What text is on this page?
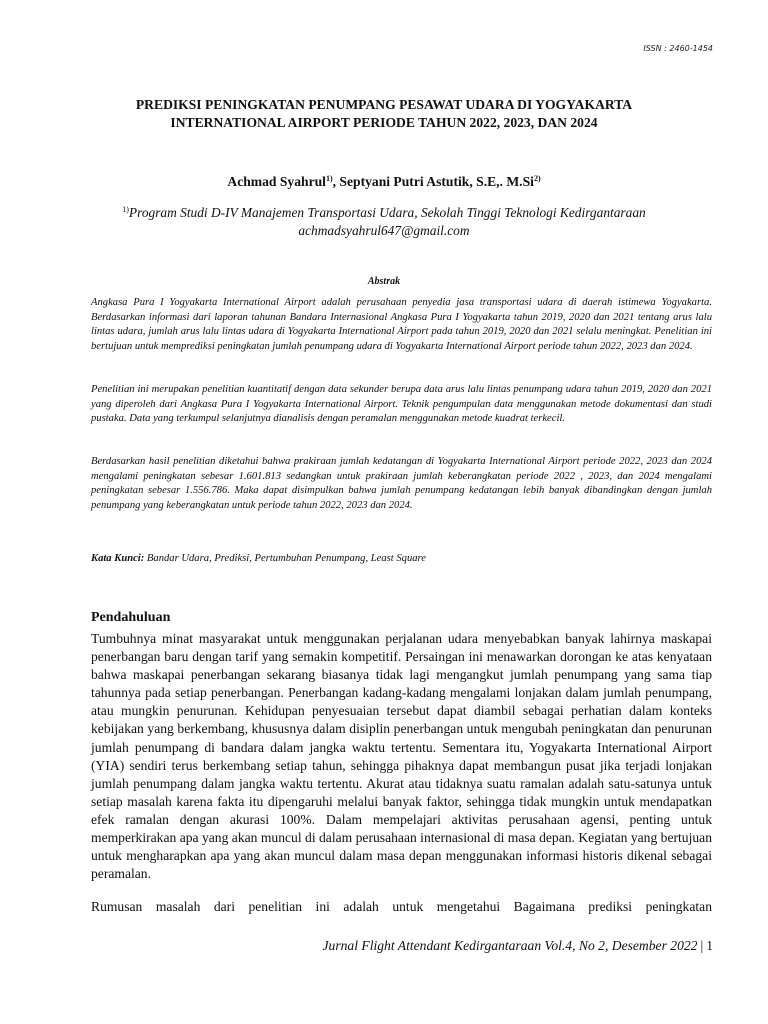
ISSN : 2460-1454
PREDIKSI PENINGKATAN PENUMPANG PESAWAT UDARA DI YOGYAKARTA
INTERNATIONAL AIRPORT PERIODE TAHUN 2022, 2023, DAN 2024
Achmad Syahrul$^{1)}$, Septyani Putri Astutik, S.E,. M.Si$^{2)}$
$^{1)}$Program Studi D-IV Manajemen Transportasi Udara, Sekolah Tinggi Teknologi Kedirgantaraan
achmadsyahrul647@gmail.com
Abstrak

Angkasa Pura I Yogyakarta International Airport adalah perusahaan penyedia jasa transportasi udara di daerah istimewa Yogyakarta. Berdasarkan informasi dari laporan tahunan Bandara Internasional Angkasa Pura I Yogyakarta tahun 2019, 2020 dan 2021 tentang arus lalu lintas udara, jumlah arus lalu lintas udara di Yogyakarta International Airport pada tahun 2019, 2020 dan 2021 selalu meningkat. Penelitian ini bertujuan untuk memprediksi peningkatan jumlah penumpang udara di Yogyakarta International Airport periode tahun 2022, 2023 dan 2024.

Penelitian ini merupakan penelitian kuantitatif dengan data sekunder berupa data arus lalu lintas penumpang udara tahun 2019, 2020 dan 2021 yang diperoleh dari Angkasa Pura I Yogyakarta International Airport. Teknik pengumpulan data menggunakan metode dokumentasi dan studi pustaka. Data yang terkumpul selanjutnya dianalisis dengan peramalan menggunakan metode kuadrat terkecil.

Berdasarkan hasil penelitian diketahui bahwa prakiraan jumlah kedatangan di Yogyakarta International Airport periode 2022, 2023 dan 2024 mengalami peningkatan sebesar 1.601.813 sedangkan untuk prakiraan jumlah keberangkatan periode 2022 , 2023, dan 2024 mengalami peningkatan sebesar 1.556.786. Maka dapat disimpulkan bahwa jumlah penumpang kedatangan lebih banyak dibandingkan dengan jumlah penumpang yang keberangkatan untuk periode tahun 2022, 2023 dan 2024.

Kata Kunci: Bandar Udara, Prediksi, Pertumbuhan Penumpang, Least Square
Pendahuluan

Tumbuhnya minat masyarakat untuk menggunakan perjalanan udara menyebabkan banyak lahirnya maskapai penerbangan baru dengan tarif yang semakin kompetitif. Persaingan ini menawarkan dorongan ke atas kenyataan bahwa maskapai penerbangan sekarang biasanya tidak lagi mengangkut jumlah penumpang yang sama tiap tahunnya pada setiap penerbangan. Penerbangan kadang-kadang mengalami lonjakan dalam jumlah penumpang, atau mungkin penurunan. Kehidupan penyesuaian tersebut dapat diambil sebagai perhatian dalam konteks kebijakan yang berkembang, khususnya dalam disiplin penerbangan untuk mengubah peningkatan dan penurunan jumlah penumpang di bandara dalam jangka waktu tertentu. Sementara itu, Yogyakarta International Airport (YIA) sendiri terus berkembang setiap tahun, sehingga pihaknya dapat membangun pusat jika terjadi lonjakan jumlah penumpang dalam jangka waktu tertentu. Akurat atau tidaknya suatu ramalan adalah satu-satunya untuk setiap masalah karena fakta itu dipengaruhi melalui banyak faktor, sehingga tidak mungkin untuk mendapatkan efek ramalan dengan akurasi 100%. Dalam mempelajari aktivitas perusahaan agensi, penting untuk memperkirakan apa yang akan muncul di dalam perusahaan internasional di masa depan. Kegiatan yang bertujuan untuk mengharapkan apa yang akan muncul dalam masa depan menggunakan informasi historis dikenal sebagai peramalan.

Rumusan masalah dari penelitian ini adalah untuk mengetahui Bagaimana prediksi peningkatan

Jurnal Flight Attendant Kedirgantaraan Vol.4, No 2, Desember 2022 | 1
